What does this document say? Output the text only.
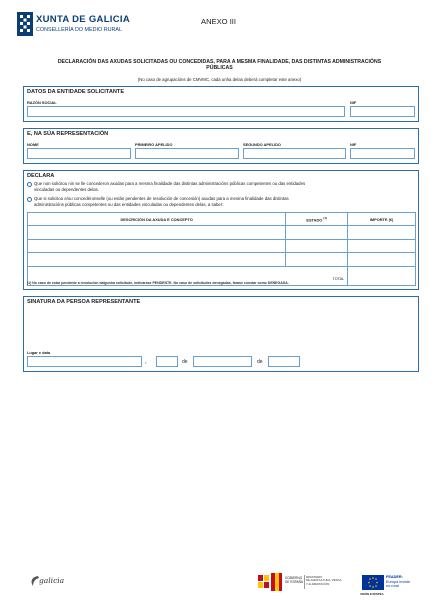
XUNTA DE GALICIA
CONSELLERÍA DO MEDIO RURAL
ANEXO III
DECLARACIÓN DAS AXUDAS SOLICITADAS OU CONCEDIDAS, PARA A MESMA FINALIDADE, DAS DISTINTAS ADMINISTRACIÓNS
PÚBLICAS
(No caso de agrupacións de CMVMC, cada unha delas deberá completar este anexo)
DATOS DA ENTIDADE SOLICITANTE
RAZÓN SOCIAL	NIF
E, NA SÚA REPRESENTACIÓN
NOME	PRIMEIRO APELIDO	SEGUNDO APELIDO	NIF
DECLARA
Que non solicitou nin se lle concederon axudas para a mesma finalidade das distintas administracións públicas competentes ou das entidades
vinculadas ou dependentes delas.
Que si solicitou e/ou concedéronselle (ou están pendentes de resolución de concesión) axudas para a mesma finalidade das distintas
administracións públicas competentes ou das entidades vinculadas ou dependentes delas, a saber:
DESCRICIÓN DA AXUDA E CONCEPTO	ESTADO $^{(1)}$	IMPORTE (€)

TOTAL		
(1) No caso de estar pendente a resolución dalgunha solicitude, indicarase PENDENTE. No caso de solicitudes denegadas, farase constar como DENEGADA.
SINATURA DA PERSOA REPRESENTANTE
Lugar e data
,	de	de
galicia	GOBIERNO
DE ESPAÑA
MINISTERIO
DE AGRICULTURA, PESCA
Y ALIMENTACIÓN
UNIÓN EUROPEA
FEADER:
Europa inviste
no rural
